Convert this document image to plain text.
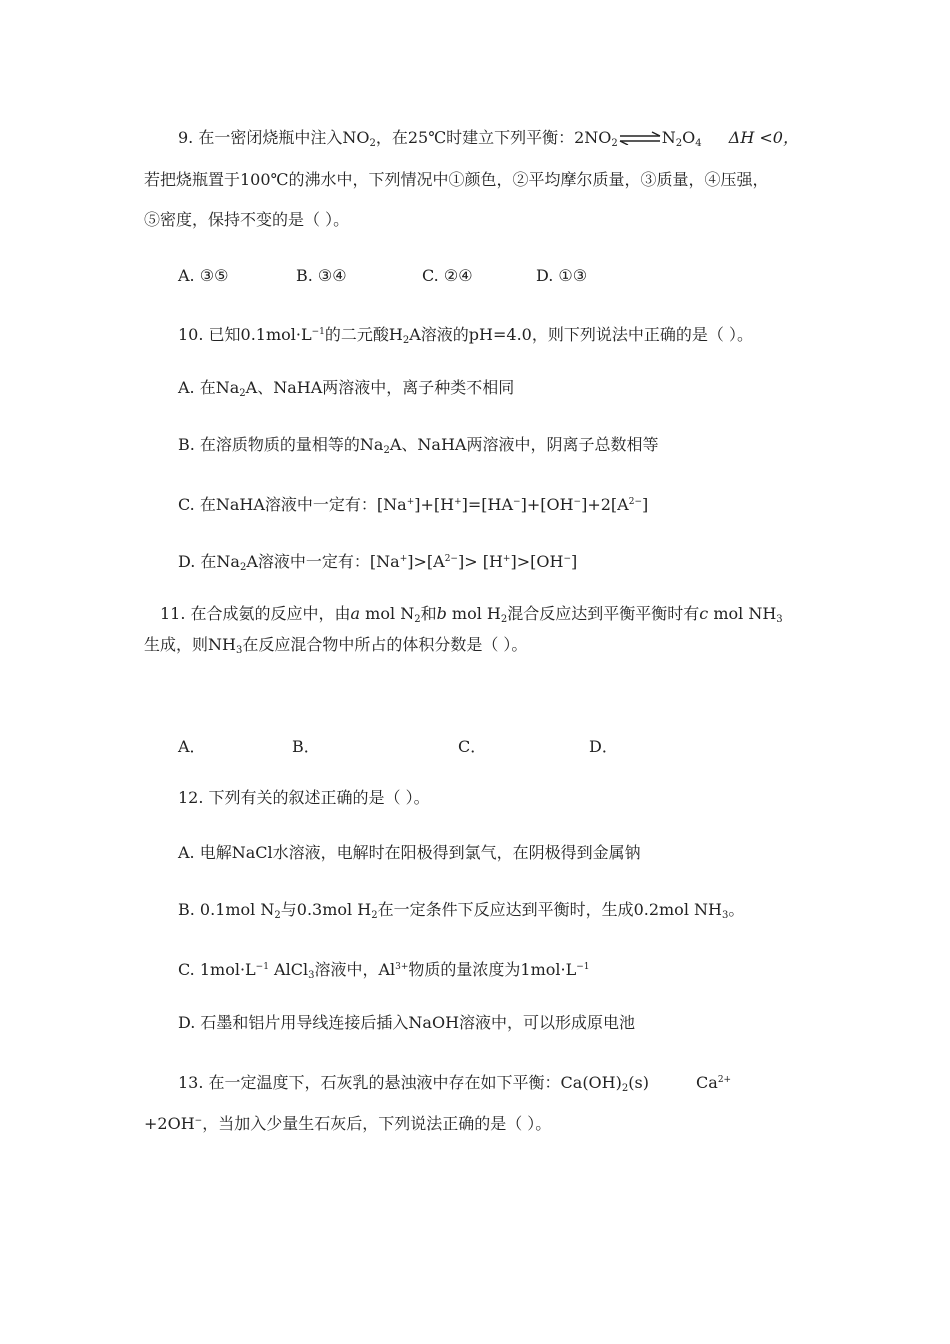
9. 在一密闭烧瓶中注入$NO_2$，在25℃时建立下列平衡：$2NO_2\rightleftharpoons N_2O_4$ ΔH <0，
若把烧瓶置于100℃的沸水中，下列情况中①颜色，②平均摩尔质量，③质量，④压强，
⑤密度，保持不变的是（ ）。
A. ③⑤	B. ③④	C. ②④	D. ①③
10. 已知$0.1mol\cdot L^{-1}$的二元酸$H_2A$溶液的pH=4.0，则下列说法中正确的是（ ）。
A. 在$Na_2A$、NaHA两溶液中，离子种类不相同
B. 在溶质物质的量相等的$Na_2A$、NaHA两溶液中，阴离子总数相等
C. 在NaHA溶液中一定有：$[Na^+]+[H^+]=[HA^-]+[OH^-]+2[A^{2-}]$
D. 在$Na_2A$溶液中一定有：$[Na^+]>[A^{2-}]> [H^+]>[OH^-]$
11. 在合成氨的反应中，由a mol $N_2$和b mol $H_2$混合反应达到平衡平衡时有c mol $NH_3$
生成，则$NH_3$在反应混合物中所占的体积分数是（ ）。
A．	B．	C．	D．
12. 下列有关的叙述正确的是（ ）。
A. 电解NaCl水溶液，电解时在阳极得到氯气，在阴极得到金属钠
B. 0.1mol $N_2$与0.3mol $H_2$在一定条件下反应达到平衡时，生成0.2mol $NH_3$。
C. $1mol\cdot L^{-1}$ AlCl$_3$溶液中，$Al^{3+}$物质的量浓度为$1mol\cdot L^{-1}$
D. 石墨和铝片用导线连接后插入NaOH溶液中，可以形成原电池
13. 在一定温度下，石灰乳的悬浊液中存在如下平衡：$Ca(OH)_2(s)$	$Ca^{2+}$
+2OH−，当加入少量生石灰后，下列说法正确的是（ ）。
